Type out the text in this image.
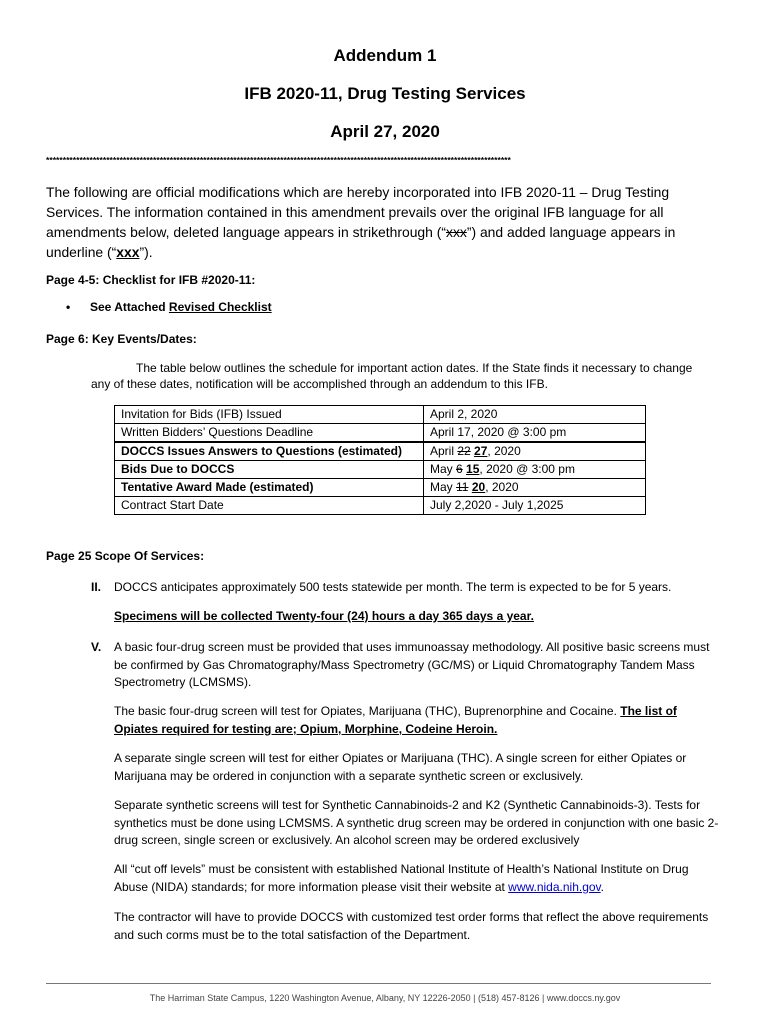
Addendum 1
IFB 2020-11, Drug Testing Services
April 27, 2020
*******************************************************************************************************************************************
The following are official modifications which are hereby incorporated into IFB 2020-11 – Drug Testing Services. The information contained in this amendment prevails over the original IFB language for all amendments below, deleted language appears in strikethrough (“xxx”) and added language appears in underline (“xxx”).
Page 4-5: Checklist for IFB #2020-11:
• See Attached Revised Checklist
Page 6: Key Events/Dates:
The table below outlines the schedule for important action dates. If the State finds it necessary to change
any of these dates, notification will be accomplished through an addendum to this IFB.
Invitation for Bids (IFB) Issued	April 2, 2020
Written Bidders’ Questions Deadline	April 17, 2020 @ 3:00 pm
DOCCS Issues Answers to Questions (estimated)	April 22 27, 2020
Bids Due to DOCCS	May 6 15, 2020 @ 3:00 pm
Tentative Award Made (estimated)	May 11 20, 2020
Contract Start Date	July 2,2020 - July 1,2025
Page 25 Scope Of Services:
II. DOCCS anticipates approximately 500 tests statewide per month. The term is expected to be for 5 years.
Specimens will be collected Twenty-four (24) hours a day 365 days a year.
V. A basic four-drug screen must be provided that uses immunoassay methodology. All positive basic screens must be confirmed by Gas Chromatography/Mass Spectrometry (GC/MS) or Liquid Chromatography Tandem Mass Spectrometry (LCMSMS).
The basic four-drug screen will test for Opiates, Marijuana (THC), Buprenorphine and Cocaine. The list of Opiates required for testing are; Opium, Morphine, Codeine Heroin.
A separate single screen will test for either Opiates or Marijuana (THC). A single screen for either Opiates or Marijuana may be ordered in conjunction with a separate synthetic screen or exclusively.
Separate synthetic screens will test for Synthetic Cannabinoids-2 and K2 (Synthetic Cannabinoids-3). Tests for synthetics must be done using LCMSMS. A synthetic drug screen may be ordered in conjunction with one basic 2-drug screen, single screen or exclusively. An alcohol screen may be ordered exclusively
All “cut off levels” must be consistent with established National Institute of Health’s National Institute on Drug Abuse (NIDA) standards; for more information please visit their website at www.nida.nih.gov.
The contractor will have to provide DOCCS with customized test order forms that reflect the above requirements and such corms must be to the total satisfaction of the Department.
The Harriman State Campus, 1220 Washington Avenue, Albany, NY 12226-2050 | (518) 457-8126 | www.doccs.ny.gov
